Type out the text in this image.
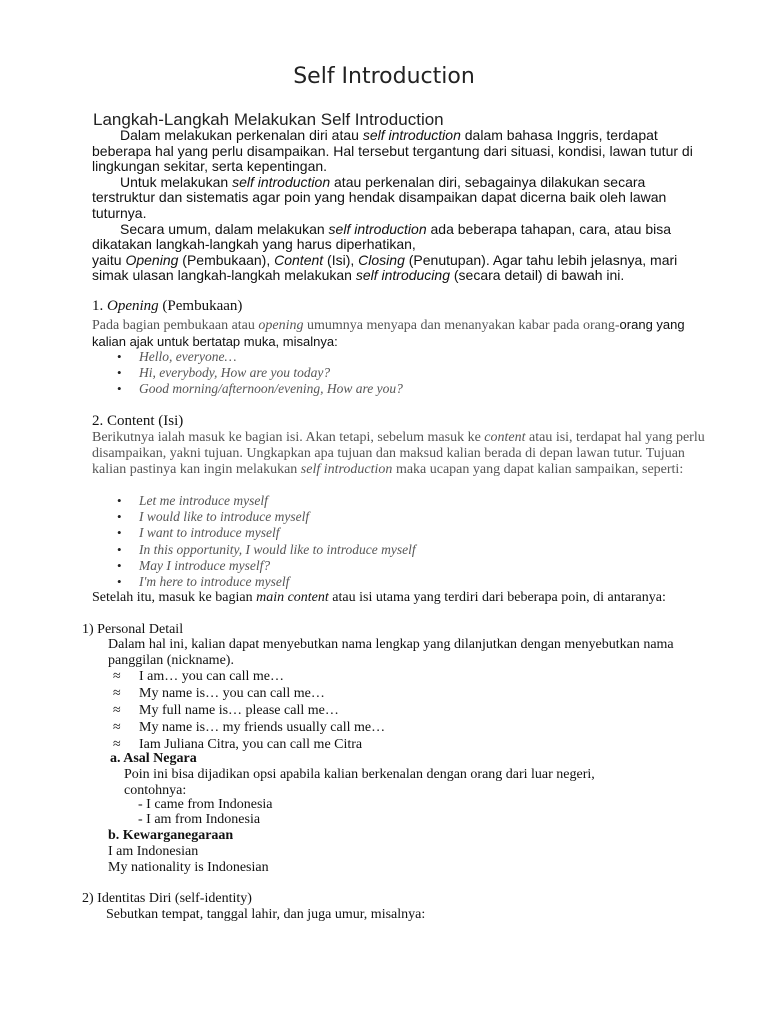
Self Introduction
Langkah-Langkah Melakukan Self Introduction

Dalam melakukan perkenalan diri atau self introduction dalam bahasa Inggris, terdapat beberapa hal yang perlu disampaikan. Hal tersebut tergantung dari situasi, kondisi, lawan tutur di lingkungan sekitar, serta kepentingan.

Untuk melakukan self introduction atau perkenalan diri, sebagainya dilakukan secara terstruktur dan sistematis agar poin yang hendak disampaikan dapat dicerna baik oleh lawan tuturnya.

Secara umum, dalam melakukan self introduction ada beberapa tahapan, cara, atau bisa dikatakan langkah-langkah yang harus diperhatikan,

yaitu Opening (Pembukaan), Content (Isi), Closing (Penutupan). Agar tahu lebih jelasnya, mari simak ulasan langkah-langkah melakukan self introducing (secara detail) di bawah ini.

1. Opening (Pembukaan)
Pada bagian pembukaan atau opening umumnya menyapa dan menanyakan kabar pada orang-orang yang kalian ajak untuk bertatap muka, misalnya:
• Hello, everyone…
• Hi, everybody, How are you today?
• Good morning/afternoon/evening, How are you?
2. Content (Isi)
Berikutnya ialah masuk ke bagian isi. Akan tetapi, sebelum masuk ke content atau isi, terdapat hal yang perlu disampaikan, yakni tujuan. Ungkapkan apa tujuan dan maksud kalian berada di depan lawan tutur. Tujuan kalian pastinya kan ingin melakukan self introduction maka ucapan yang dapat kalian sampaikan, seperti:
• Let me introduce myself
• I would like to introduce myself
• I want to introduce myself
• In this opportunity, I would like to introduce myself
• May I introduce myself?
• I'm here to introduce myself
Setelah itu, masuk ke bagian main content atau isi utama yang terdiri dari beberapa poin, di antaranya:
1) Personal Detail
Dalam hal ini, kalian dapat menyebutkan nama lengkap yang dilanjutkan dengan menyebutkan nama panggilan (nickname).
≈ I am… you can call me…
≈ My name is… you can call me…
≈ My full name is… please call me…
≈ My name is… my friends usually call me…
≈ Iam Juliana Citra, you can call me Citra
a. Asal Negara
Poin ini bisa dijadikan opsi apabila kalian berkenalan dengan orang dari luar negeri, contohnya:
- I came from Indonesia
- I am from Indonesia
b. Kewarganegaraan
I am Indonesian
My nationality is Indonesian
2) Identitas Diri (self-identity)
Sebutkan tempat, tanggal lahir, dan juga umur, misalnya:
